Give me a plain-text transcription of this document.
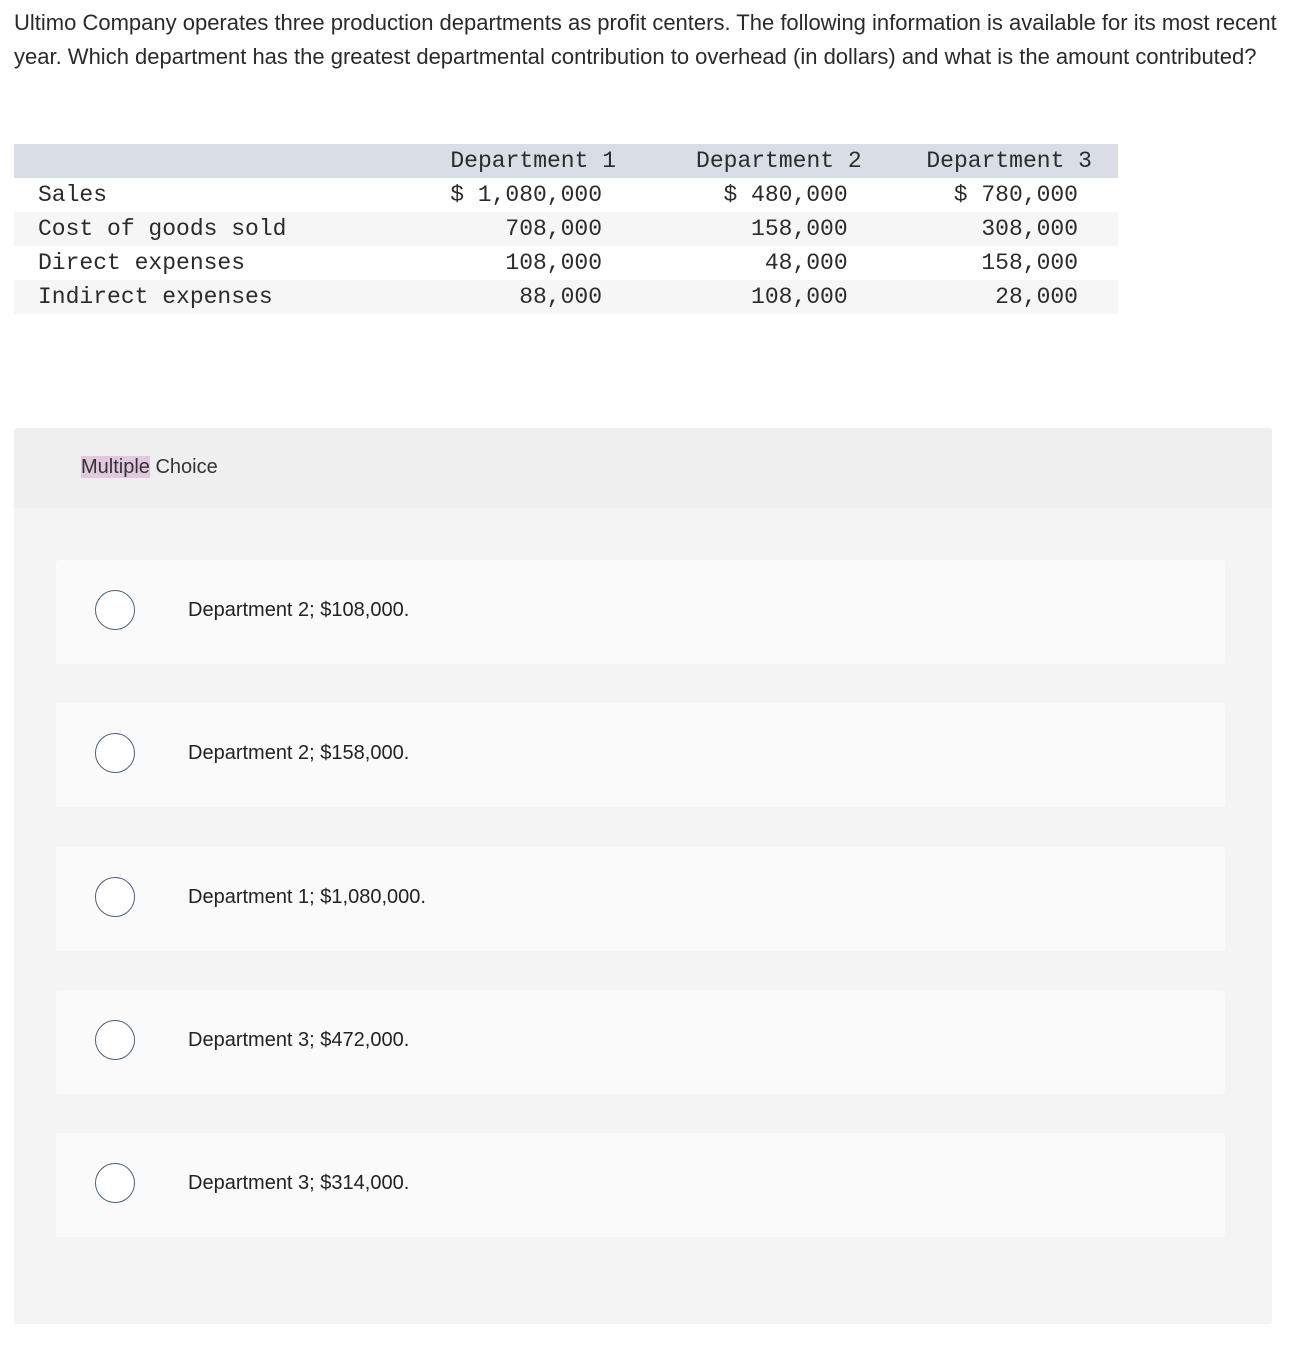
Ultimo Company operates three production departments as profit centers. The following information is available for its most recent year. Which department has the greatest departmental contribution to overhead (in dollars) and what is the amount contributed?

	Department 1	Department 2	Department 3
Sales	$ 1,080,000	$ 480,000	$ 780,000
Cost of goods sold	708,000	158,000	308,000
Direct expenses	108,000	48,000	158,000
Indirect expenses	88,000	108,000	28,000
Multiple Choice
Department 2; $108,000.
Department 2; $158,000.
Department 1; $1,080,000.
Department 3; $472,000.
Department 3; $314,000.
